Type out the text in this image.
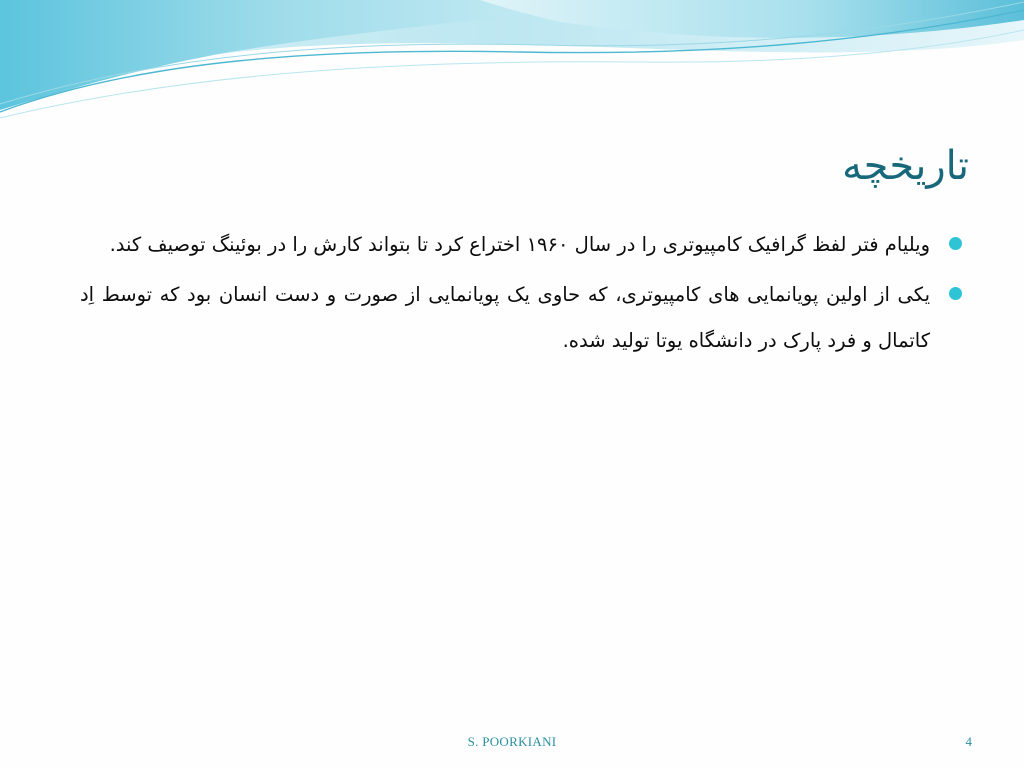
تاریخچه
ویلیام فتر لفظ گرافیک کامپیوتری را در سال ۱۹۶۰ اختراع کرد تا بتواند کارش را در بوئینگ توصیف کند.
یکی از اولین پویانمایی های کامپیوتری، که حاوی یک پویانمایی از صورت و دست انسان بود که توسط اِد کاتمال و فرد پارک در دانشگاه یوتا تولید شده.
S. POORKIANI	4
